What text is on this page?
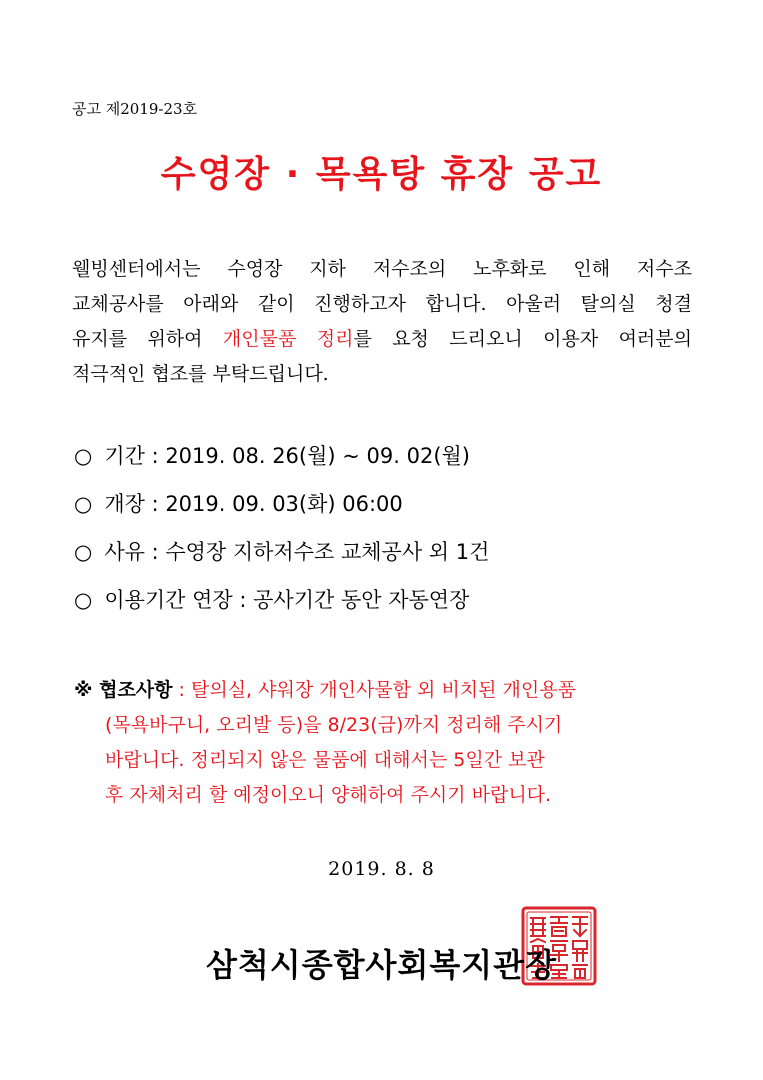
공고 제2019-23호
수영장 · 목욕탕 휴장 공고
웰빙센터에서는 수영장 지하 저수조의 노후화로 인해 저수조
교체공사를 아래와 같이 진행하고자 합니다. 아울러 탈의실 청결
유지를 위하여 개인물품 정리를 요청 드리오니 이용자 여러분의
적극적인 협조를 부탁드립니다.
○ 기간 : 2019. 08. 26(월) ~ 09. 02(월)
○ 개장 : 2019. 09. 03(화) 06:00
○ 사유 : 수영장 지하저수조 교체공사 외 1건
○ 이용기간 연장 : 공사기간 동안 자동연장
※ 협조사항 : 탈의실, 샤워장 개인사물함 외 비치된 개인용품
(목욕바구니, 오리발 등)을 8/23(금)까지 정리해 주시기
바랍니다. 정리되지 않은 물품에 대해서는 5일간 보관
후 자체처리 할 예정이오니 양해하여 주시기 바랍니다.
2019. 8. 8
삼척시종합사회복지관장
